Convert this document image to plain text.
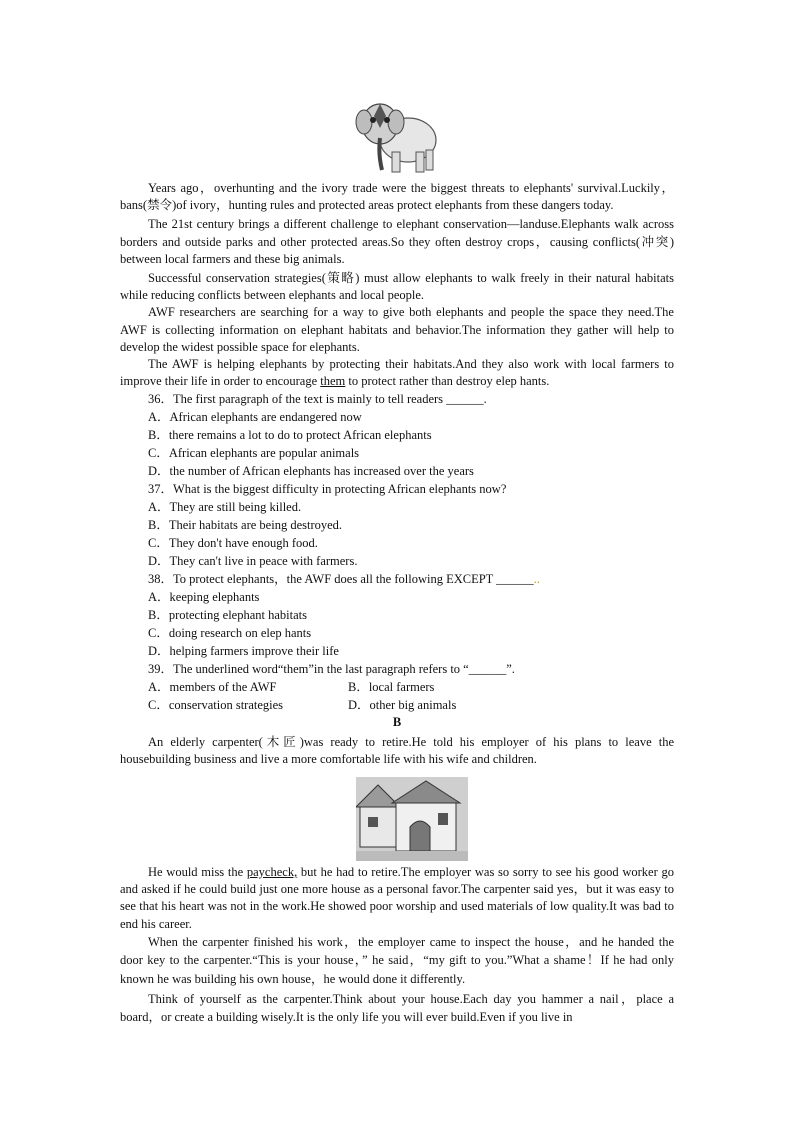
Years ago，overhunting and the ivory trade were the biggest threats to elephants' survival.Luckily，bans(禁令)of ivory，hunting rules and protected areas protect elephants from these dangers today.

The 21st century brings a different challenge to elephant conservation—landuse.Elephants walk across borders and outside parks and other protected areas.So they often destroy crops，causing conflicts(冲突) between local farmers and these big animals.

Successful conservation strategies(策略) must allow elephants to walk freely in their natural habitats while reducing conflicts between elephants and local people.

AWF researchers are searching for a way to give both elephants and people the space they need.The AWF is collecting information on elephant habitats and behavior.The information they gather will help to develop the widest possible space for elephants.

The AWF is helping elephants by protecting their habitats.And they also work with local farmers to improve their life in order to encourage them to protect rather than destroy elep hants.

36．The first paragraph of the text is mainly to tell readers ______.

A．African elephants are endangered now

B．there remains a lot to do to protect African elephants

C．African elephants are popular animals

D．the number of African elephants has increased over the years

37．What is the biggest difficulty in protecting African elephants now?

A．They are still being killed.

B．Their habitats are being destroyed.

C．They don't have enough food.

D．They can't live in peace with farmers.

38．To protect elephants，the AWF does all the following EXCEPT ______..

A．keeping elephants

B．protecting elephant habitats

C．doing research on elep hants

D．helping farmers improve their life

39．The underlined word“them”in the last paragraph refers to “______”.

A．members of the AWF	B．local farmers

C．conservation strategies	D．other big animals

B

An elderly carpenter(木匠)was ready to retire.He told his employer of his plans to leave the housebuilding business and live a more comfortable life with his wife and children.

He would miss the paycheck, but he had to retire.The employer was so sorry to see his good worker go and asked if he could build just one more house as a personal favor.The carpenter said yes，but it was easy to see that his heart was not in the work.He showed poor worship and used materials of low quality.It was bad to end his career.

When the carpenter finished his work，the employer came to inspect the house，and he handed the door key to the carpenter.“This is your house，” he said，“my gift to you.”What a shame！If he had only known he was building his own house，he would done it differently.

Think of yourself as the carpenter.Think about your house.Each day you hammer a nail，place a board，or create a building wisely.It is the only life you will ever build.Even if you live in
